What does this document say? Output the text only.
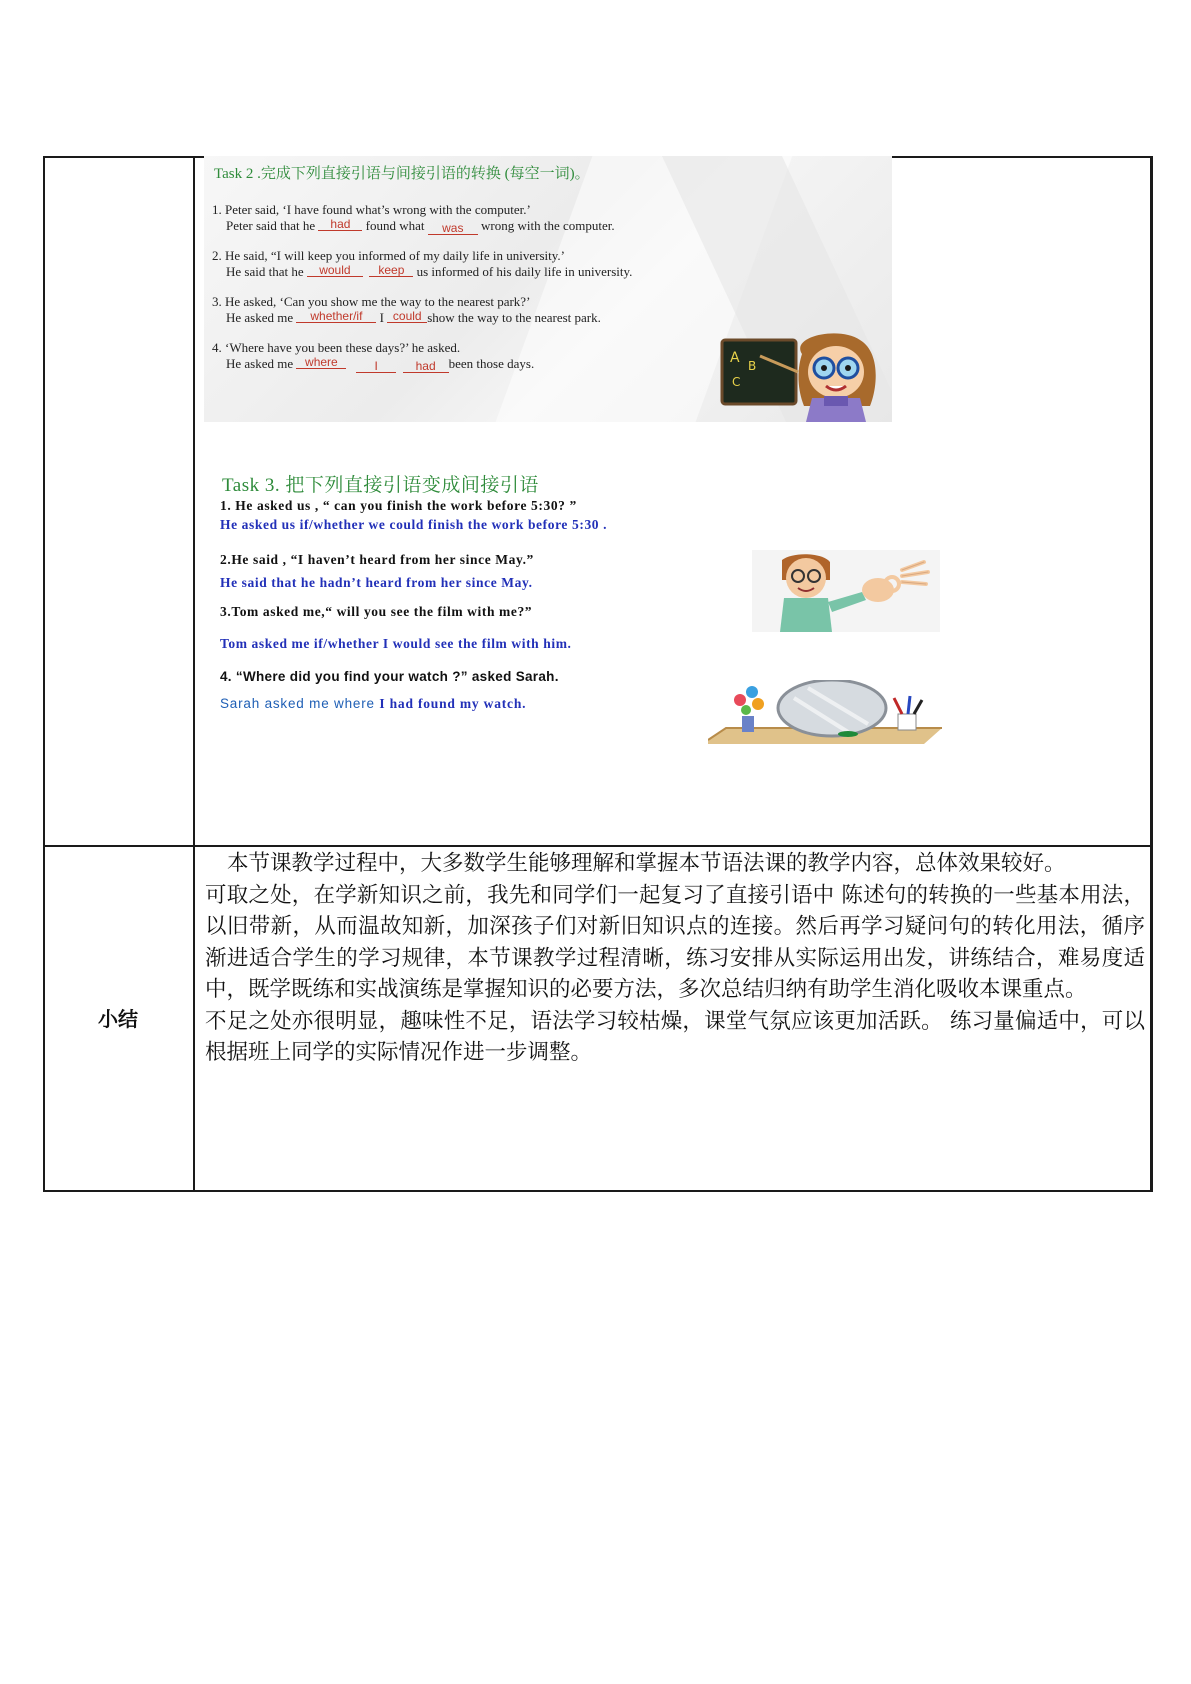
Task 2 .完成下列直接引语与间接引语的转换 (每空一词)。
1. Peter said, ‘I have found what’s wrong with the computer.’
Peter said that he had found what was wrong with the computer.
2. He said, “I will keep you informed of my daily life in university.’
He said that he would keep us informed of his daily life in university.
3. He asked, ‘Can you show me the way to the nearest park?’
He asked me whether/if I could show the way to the nearest park.
4. ‘Where have you been these days?’ he asked.
He asked me where	I	had been those days.	A B
C
Task 3. 把下列直接引语变成间接引语
1. He asked us , “ can you finish the work before 5:30? ”
He asked us if/whether we could finish the work before 5:30 .
2.He said , “I haven’t heard from her since May.”
He said that he hadn’t heard from her since May.
3.Tom asked me,“ will you see the film with me?”
Tom asked me if/whether I would see the film with him.
4. “Where did you find your watch ?” asked Sarah.
Sarah asked me where I had found my watch.
小结

本节课教学过程中，大多数学生能够理解和掌握本节语法课的教学内容，总体效果较好。

可取之处，在学新知识之前，我先和同学们一起复习了直接引语中 陈述句的转换的一些基本用法，以旧带新，从而温故知新，加深孩子们对新旧知识点的连接。然后再学习疑问句的转化用法，循序渐进适合学生的学习规律，本节课教学过程清晰，练习安排从实际运用出发，讲练结合，难易度适中，既学既练和实战演练是掌握知识的必要方法，多次总结归纳有助学生消化吸收本课重点。

不足之处亦很明显，趣味性不足，语法学习较枯燥，课堂气氛应该更加活跃。 练习量偏适中，可以根据班上同学的实际情况作进一步调整。
